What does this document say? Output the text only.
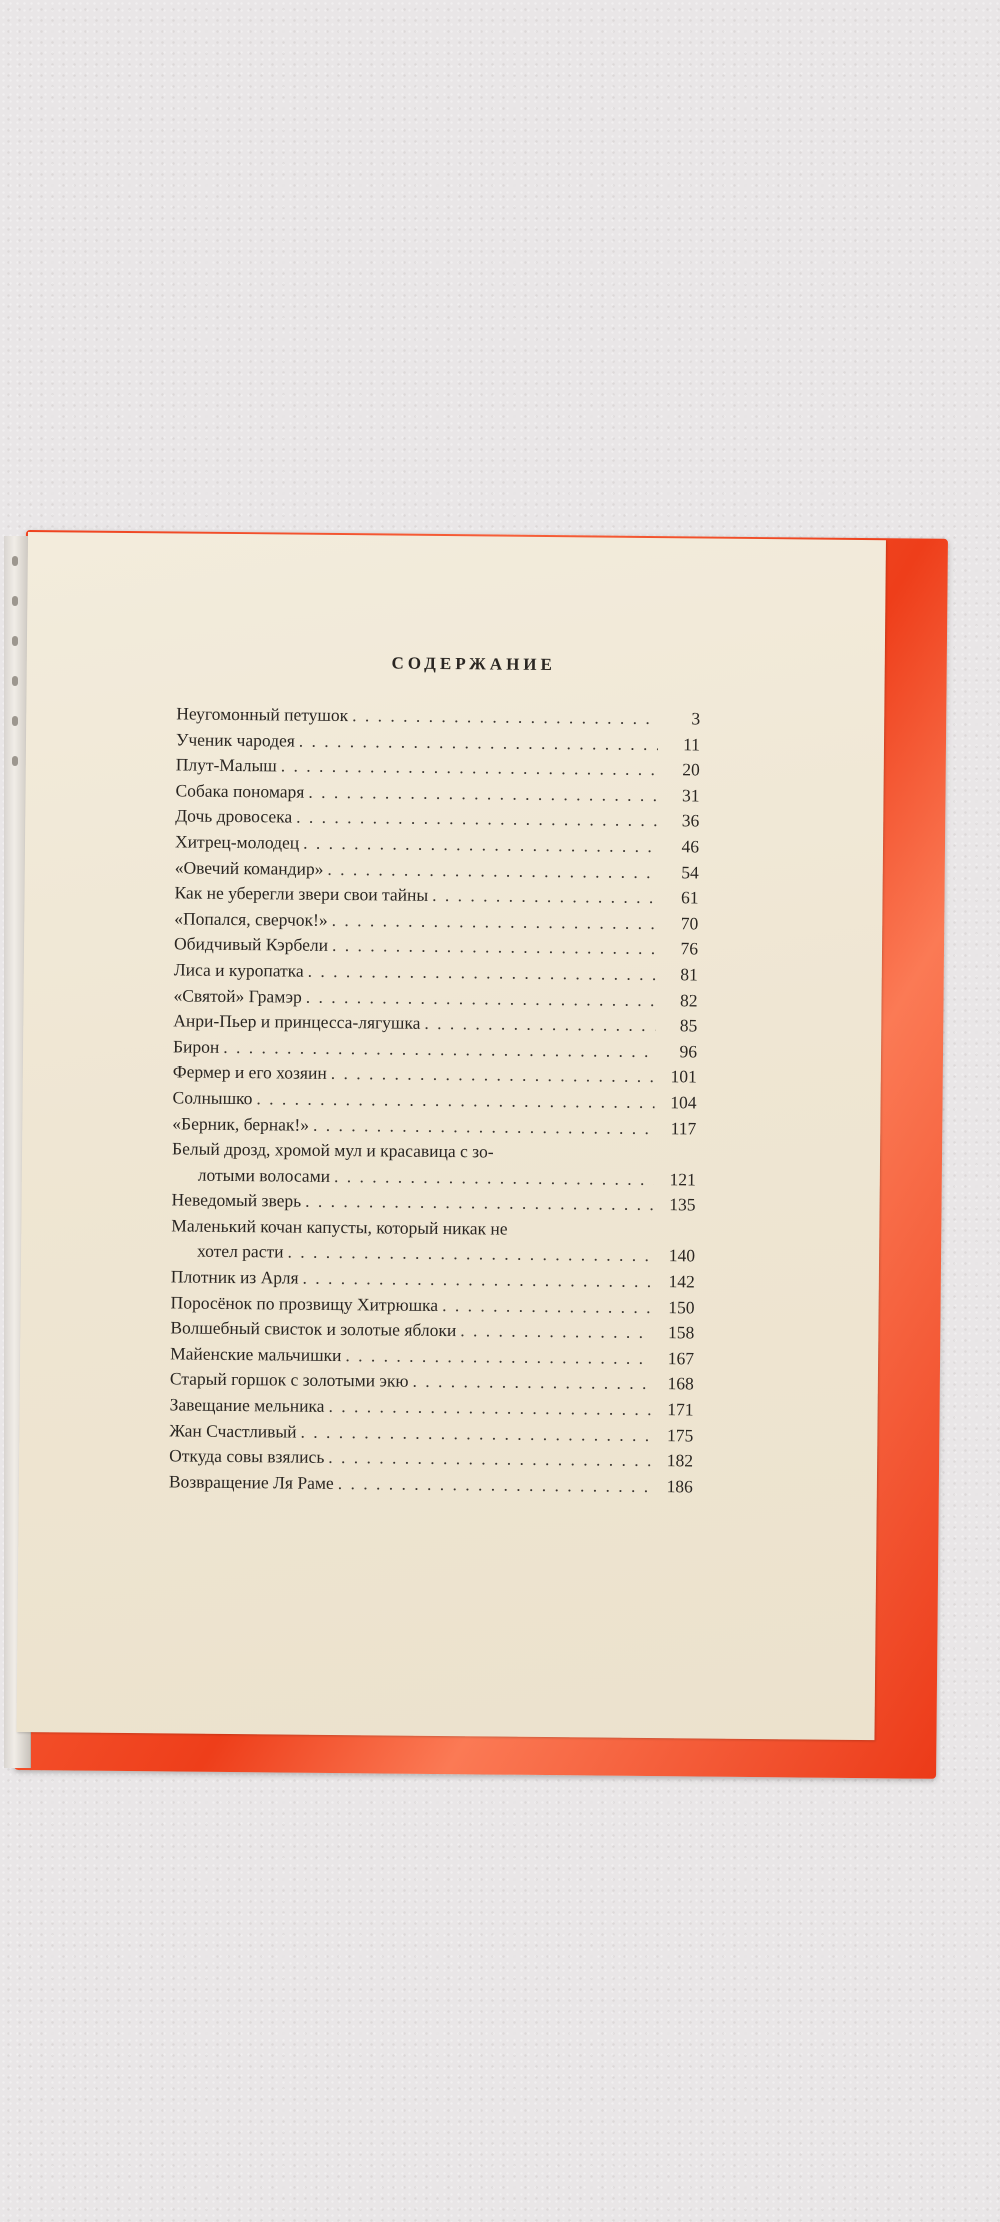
СОДЕРЖАНИЕ
Неугомонный петушок . . .	3
Ученик чародея . . .	11
Плут-Малыш . . .	20
Собака пономаря . . .	31
Дочь дровосека . . .	36
Хитрец-молодец . . .	46
«Овечий командир» . . .	54
Как не уберегли звери свои тайны . . .	61
«Попался, сверчок!» . . .	70
Обидчивый Кэрбели . . .	76
Лиса и куропатка . . .	81
«Святой» Грамэр . . .	82
Анри-Пьер и принцесса-лягушка . . .	85
Бирон . . .	96
Фермер и его хозяин . . .	101
Солнышко . . .	104
«Берник, бернак!» . . .	117
Белый дрозд, хромой мул и красавица с зо-
лотыми волосами . . .	121
Неведомый зверь . . .	135
Маленький кочан капусты, который никак не
хотел расти . . .	140
Плотник из Арля . . .	142
Поросёнок по прозвищу Хитрюшка . . .	150
Волшебный свисток и золотые яблоки . . .	158
Майенские мальчишки . . .	167
Старый горшок с золотыми экю . . .	168
Завещание мельника . . .	171
Жан Счастливый . . .	175
Откуда совы взялись . . .	182
Возвращение Ля Раме . . .	186
